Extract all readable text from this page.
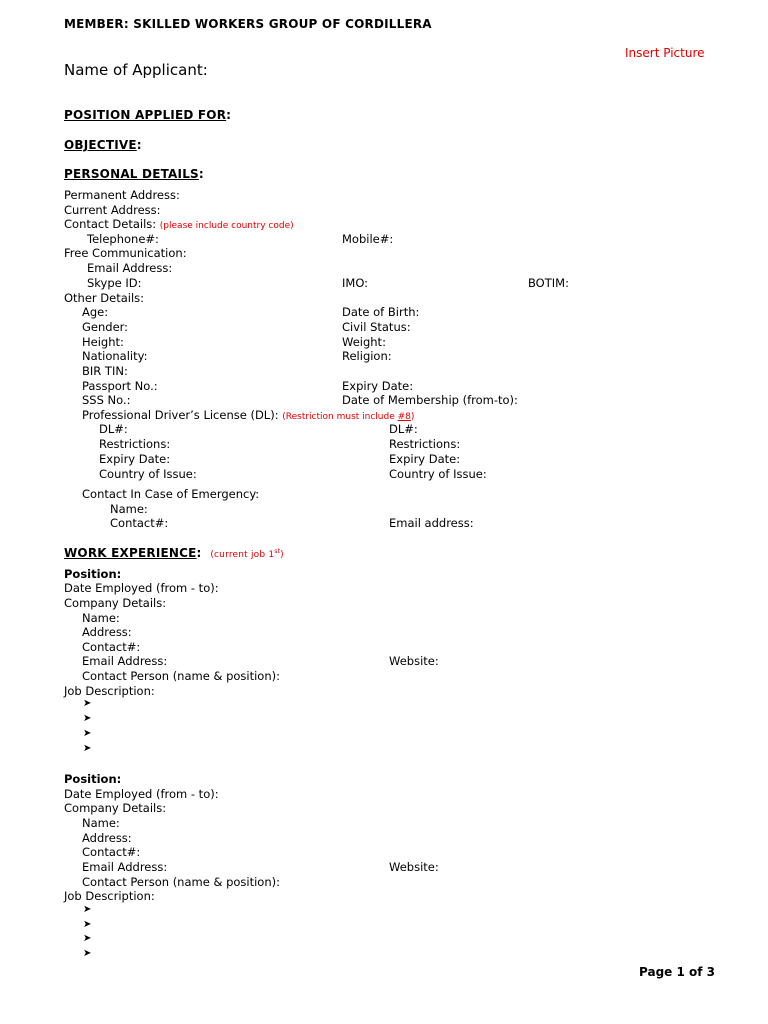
MEMBER: SKILLED WORKERS GROUP OF CORDILLERA
Insert Picture
Name of Applicant:
POSITION APPLIED FOR:
OBJECTIVE:
PERSONAL DETAILS:
Permanent Address:
Current Address:
Contact Details: (please include country code)
Telephone#:	Mobile#:
Free Communication:
Email Address:
Skype ID:	IMO:	BOTIM:
Other Details:
Age:	Date of Birth:
Gender:	Civil Status:
Height:	Weight:
Nationality:	Religion:
BIR TIN:
Passport No.:	Expiry Date:
SSS No.:	Date of Membership (from-to):
Professional Driver’s License (DL): (Restriction must include #8)
DL#:	DL#:
Restrictions:	Restrictions:
Expiry Date:	Expiry Date:
Country of Issue:	Country of Issue:
Contact In Case of Emergency:
Name:
Contact#:	Email address:
WORK EXPERIENCE: (current job 1st)
Position:
Date Employed (from - to):
Company Details:
Name:
Address:
Contact#:
Email Address:	Website:
Contact Person (name & position):
Job Description:
➤
➤
➤
➤
Position:
Date Employed (from - to):
Company Details:
Name:
Address:
Contact#:
Email Address:	Website:
Contact Person (name & position):
Job Description:
➤
➤
➤
➤
Page 1 of 3
